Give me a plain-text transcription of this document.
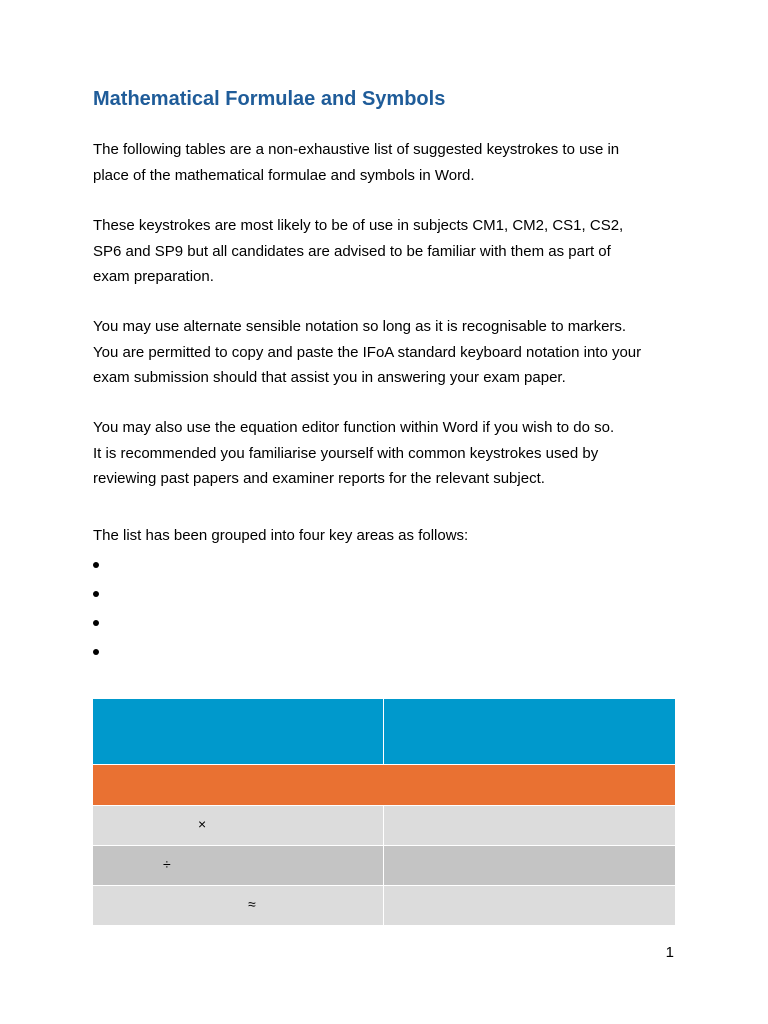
Mathematical Formulae and Symbols

The following tables are a non-exhaustive list of suggested keystrokes to use in
place of the mathematical formulae and symbols in Word.

These keystrokes are most likely to be of use in subjects CM1, CM2, CS1, CS2,
SP6 and SP9 but all candidates are advised to be familiar with them as part of
exam preparation.

You may use alternate sensible notation so long as it is recognisable to markers.
You are permitted to copy and paste the IFoA standard keyboard notation into your
exam submission should that assist you in answering your exam paper.

You may also use the equation editor function within Word if you wish to do so.
It is recommended you familiarise yourself with common keystrokes used by
reviewing past papers and examiner reports for the relevant subject.

The list has been grouped into four key areas as follows:

×	

÷	

≈	

1
